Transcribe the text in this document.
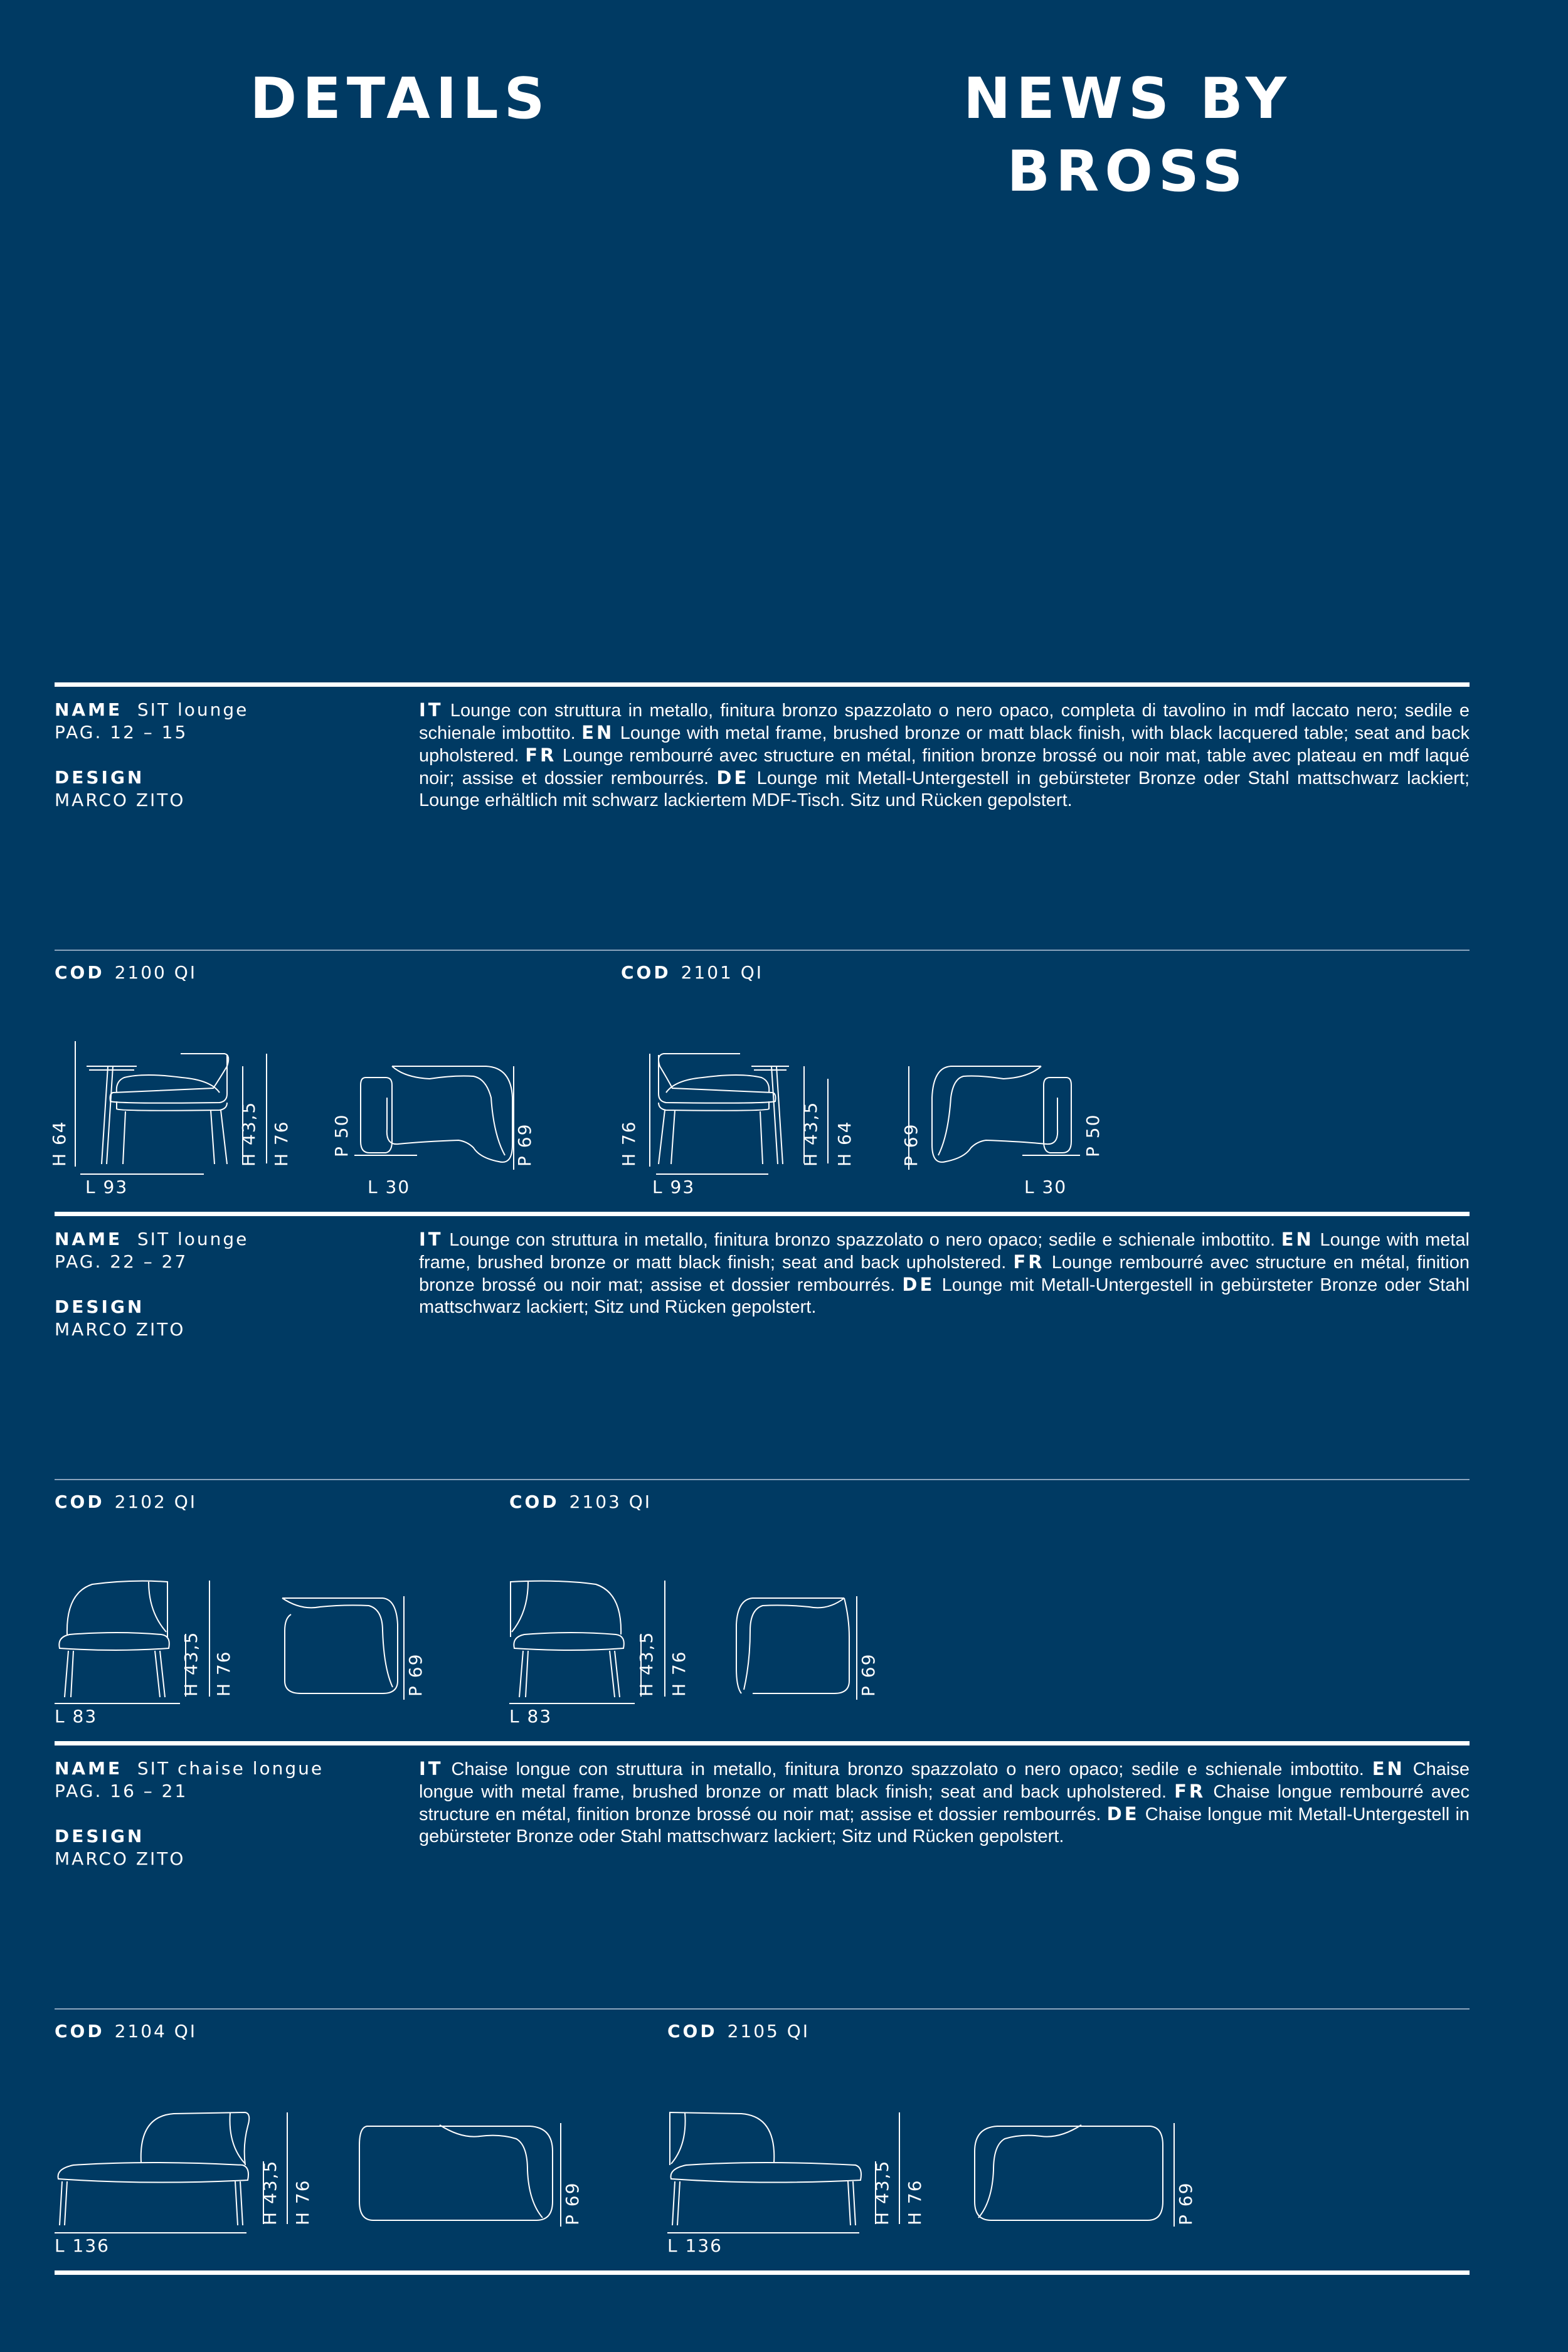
DETAILS	NEWS BY
BROSS
NAME SIT lounge
PAG. 12 – 15
DESIGN
MARCO ZITO
IT Lounge con struttura in metallo, finitura bronzo spazzolato o nero opaco, completa di tavolino in mdf laccato nero; sedile e schienale imbottito. EN Lounge with metal frame, brushed bronze or matt black finish, with black lacquered table; seat and back upholstered. FR Lounge rembourré avec structure en métal, finition bronze brossé ou noir mat, table avec plateau en mdf laqué noir; assise et dossier rembourrés. DE Lounge mit Metall-Untergestell in gebürsteter Bronze oder Stahl mattschwarz lackiert; Lounge erhältlich mit schwarz lackiertem MDF-Tisch. Sitz und Rücken gepolstert.
COD 2100 QI	COD 2101 QI
H 64	H 43,5 H 76
L 93
P 50	P 69
L 30
H 76	H 43,5 H 64
L 93
P 69	P 50
L 30
NAME SIT lounge
PAG. 22 – 27
DESIGN
MARCO ZITO
IT Lounge con struttura in metallo, finitura bronzo spazzolato o nero opaco; sedile e schienale imbottito. EN Lounge with metal frame, brushed bronze or matt black finish; seat and back upholstered. FR Lounge rembourré avec structure en métal, finition bronze brossé ou noir mat; assise et dossier rembourrés. DE Lounge mit Metall-Untergestell in gebürsteter Bronze oder Stahl mattschwarz lackiert; Sitz und Rücken gepolstert.
COD 2102 QI	COD 2103 QI
H 43,5 H 76
L 83
P 69	H 43,5 H 76
L 83
P 69
NAME SIT chaise longue
PAG. 16 – 21
DESIGN
MARCO ZITO
IT Chaise longue con struttura in metallo, finitura bronzo spazzolato o nero opaco; sedile e schienale imbottito. EN Chaise longue with metal frame, brushed bronze or matt black finish; seat and back upholstered. FR Chaise longue rembourré avec structure en métal, finition bronze brossé ou noir mat; assise et dossier rembourrés. DE Chaise longue mit Metall-Untergestell in gebürsteter Bronze oder Stahl mattschwarz lackiert; Sitz und Rücken gepolstert.
COD 2104 QI	COD 2105 QI
H 43,5 H 76
L 136
P 69	H 43,5 H 76
L 136
P 69
